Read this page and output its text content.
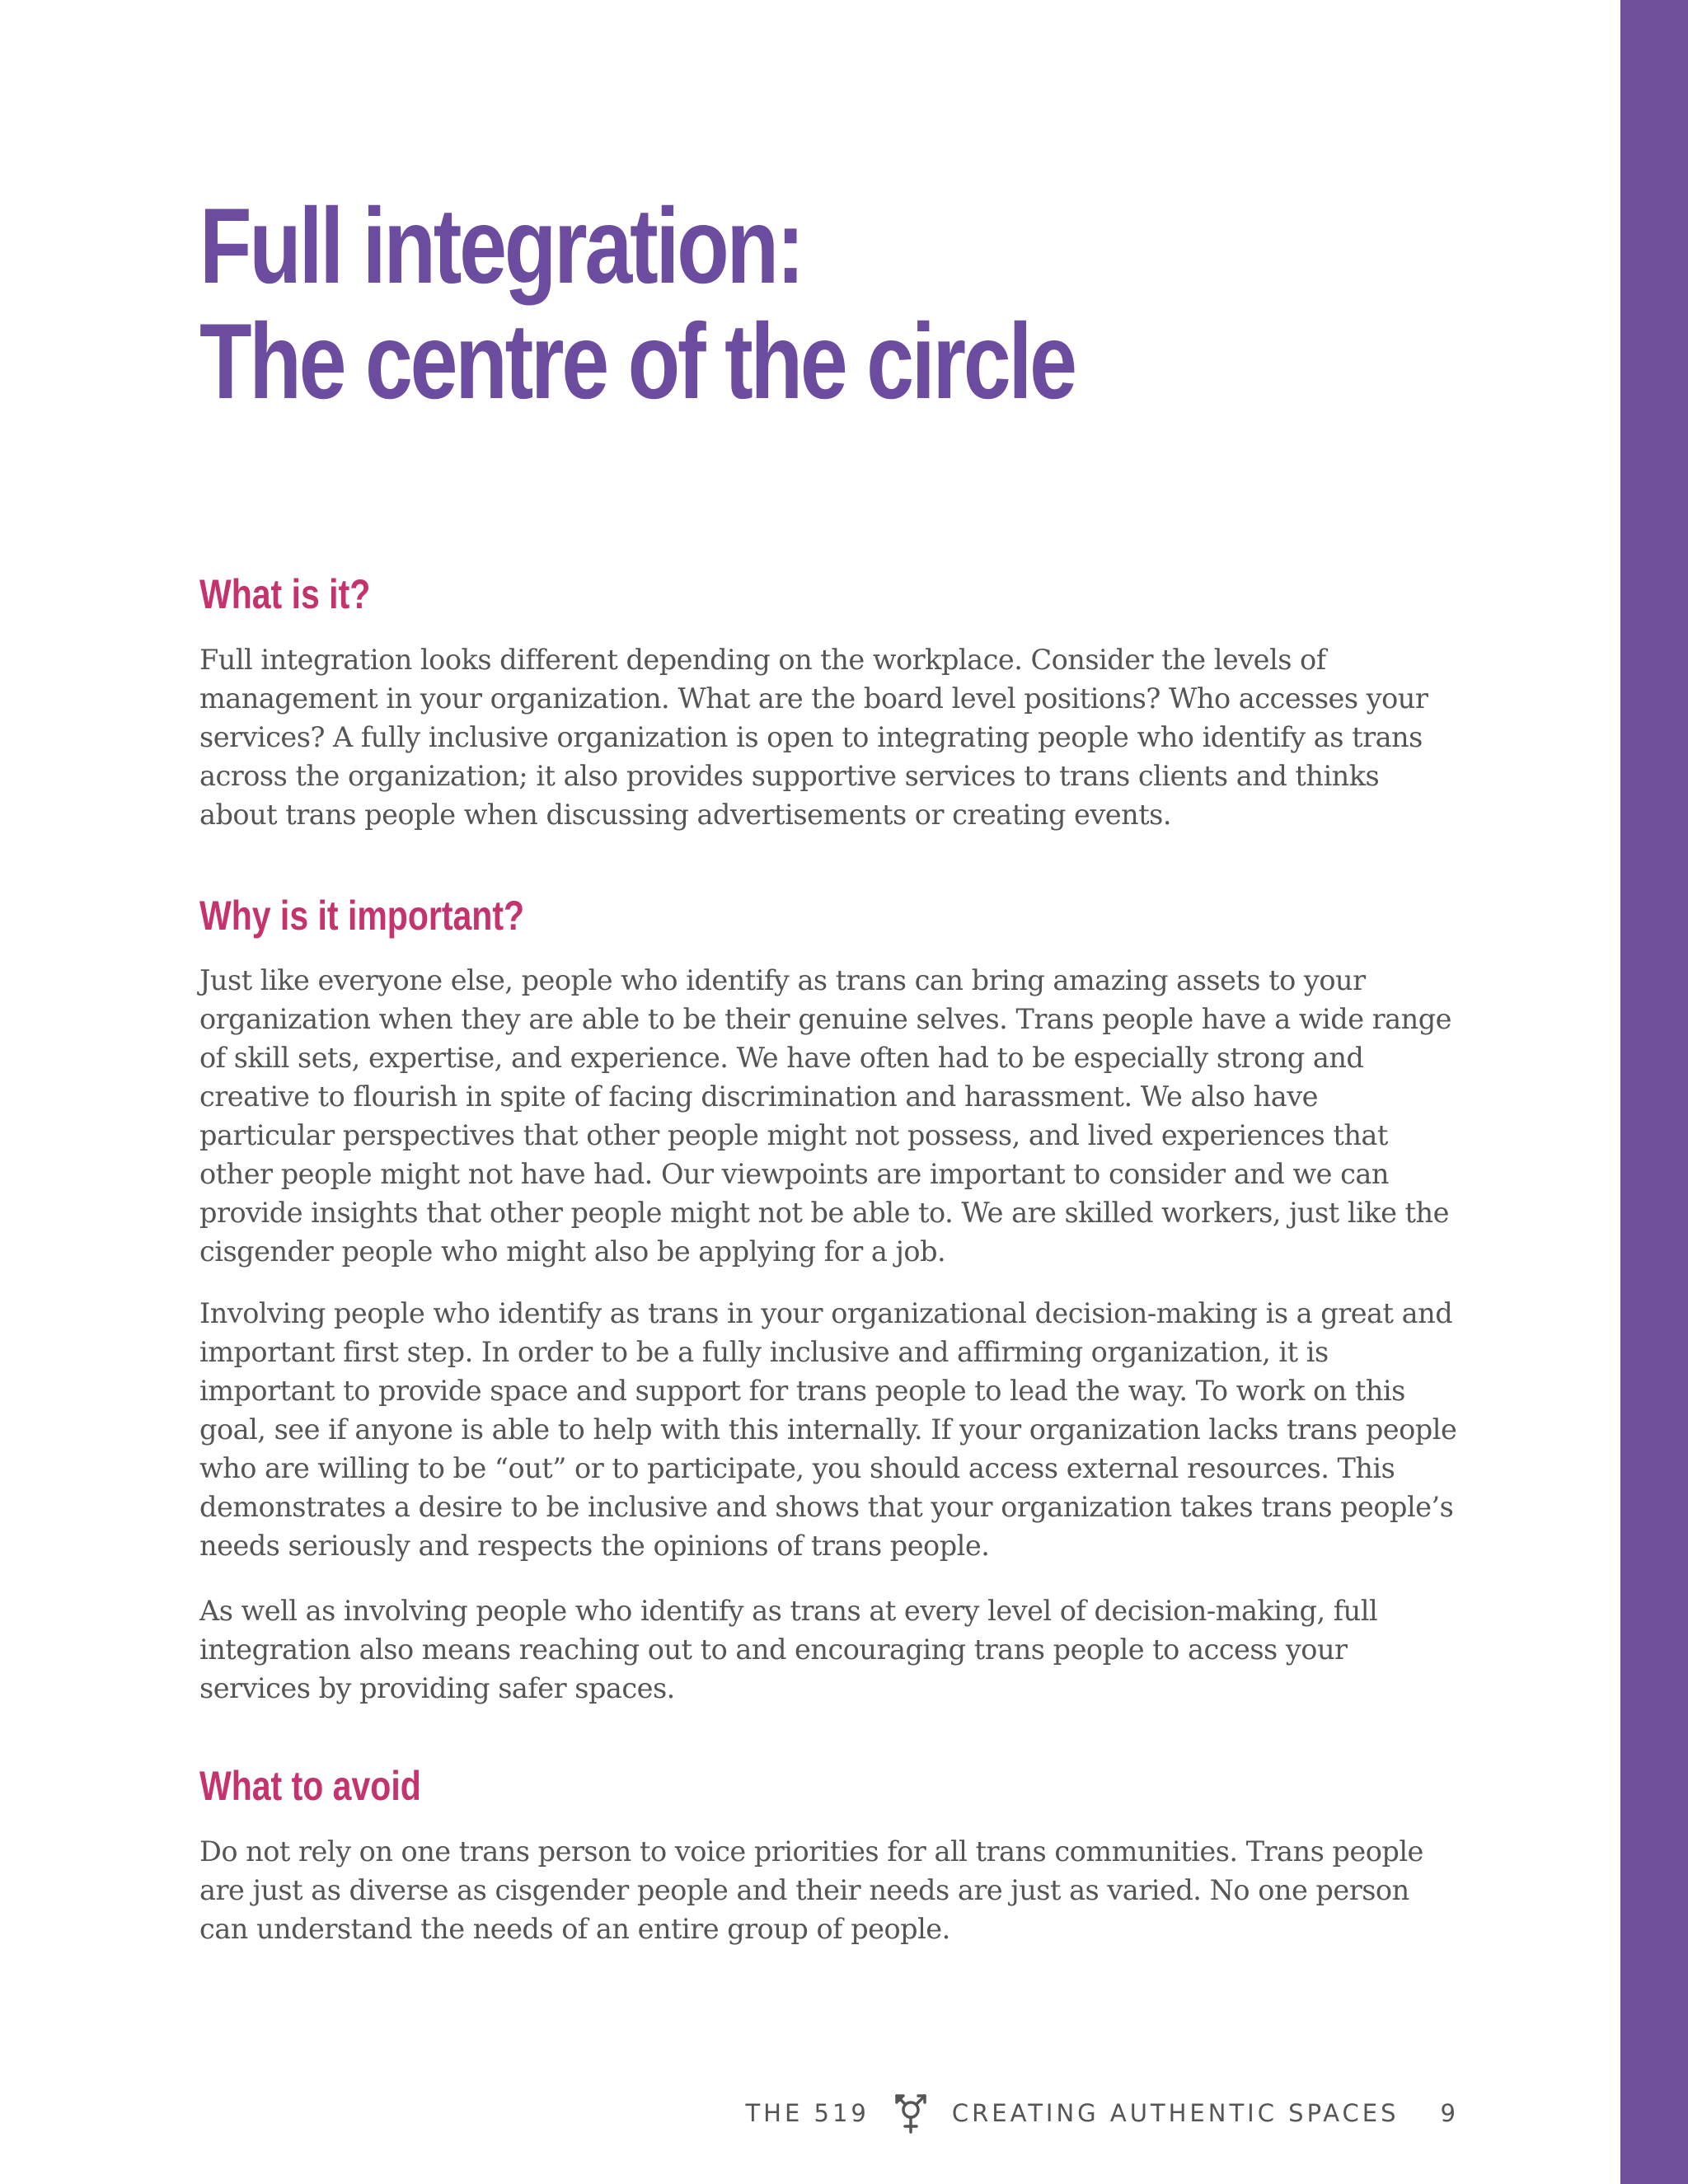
Full integration:
The centre of the circle
What is it?

Full integration looks different depending on the workplace. Consider the levels of management in your organization. What are the board level positions? Who accesses your services? A fully inclusive organization is open to integrating people who identify as trans across the organization; it also provides supportive services to trans clients and thinks about trans people when discussing advertisements or creating events.

Why is it important?

Just like everyone else, people who identify as trans can bring amazing assets to your organization when they are able to be their genuine selves. Trans people have a wide range of skill sets, expertise, and experience. We have often had to be especially strong and creative to flourish in spite of facing discrimination and harassment. We also have particular perspectives that other people might not possess, and lived experiences that other people might not have had. Our viewpoints are important to consider and we can provide insights that other people might not be able to. We are skilled workers, just like the cisgender people who might also be applying for a job.

Involving people who identify as trans in your organizational decision-making is a great and important first step. In order to be a fully inclusive and affirming organization, it is important to provide space and support for trans people to lead the way. To work on this goal, see if anyone is able to help with this internally. If your organization lacks trans people who are willing to be “out” or to participate, you should access external resources. This demonstrates a desire to be inclusive and shows that your organization takes trans people’s needs seriously and respects the opinions of trans people.

As well as involving people who identify as trans at every level of decision-making, full integration also means reaching out to and encouraging trans people to access your services by providing safer spaces.

What to avoid

Do not rely on one trans person to voice priorities for all trans communities. Trans people are just as diverse as cisgender people and their needs are just as varied. No one person can understand the needs of an entire group of people.

THE 519	CREATING AUTHENTIC SPACES 9
